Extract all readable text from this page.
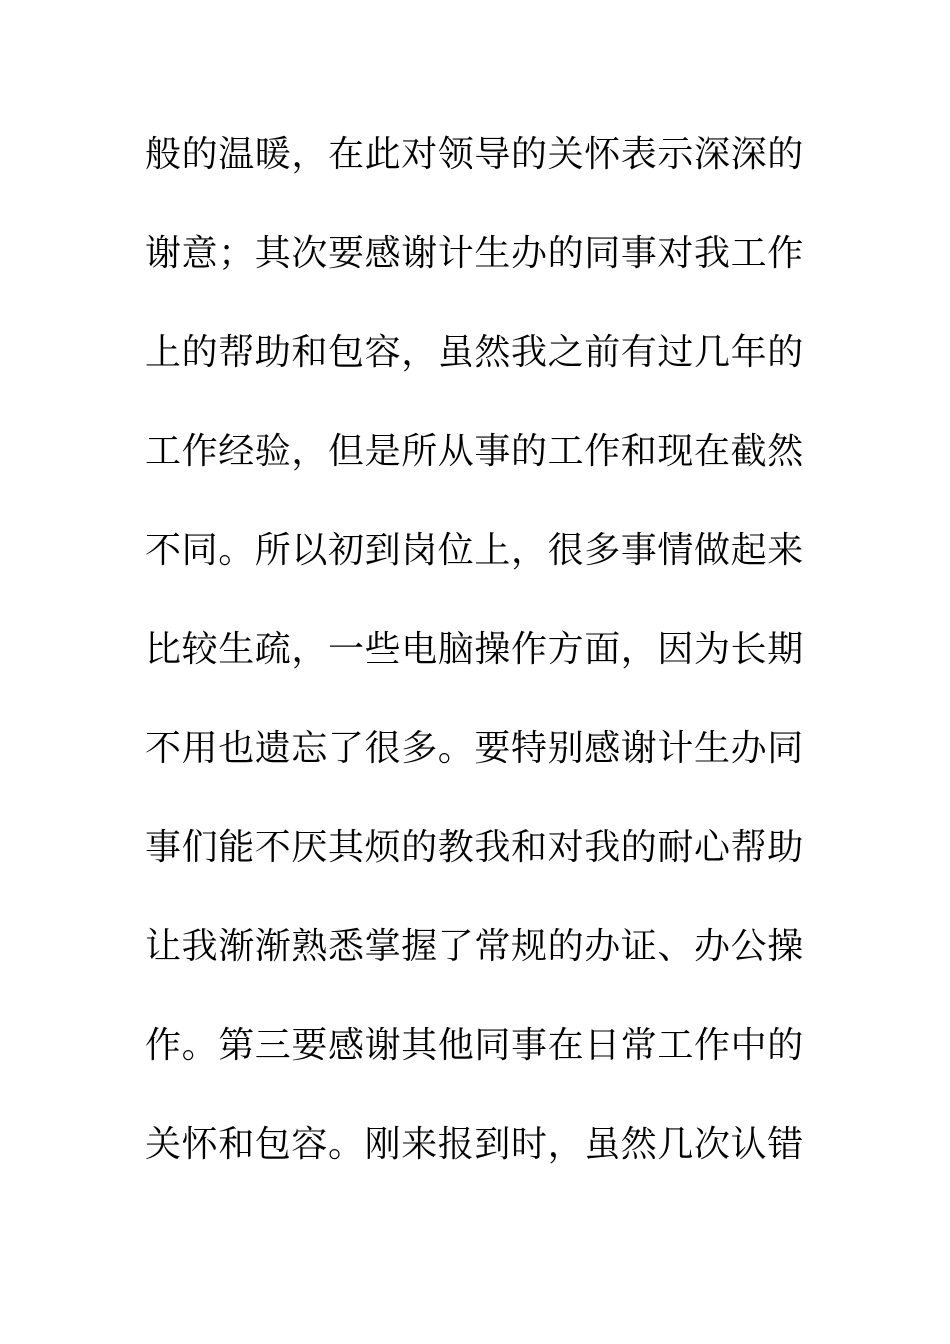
般的温暖，在此对领导的关怀表示深深的
谢意；其次要感谢计生办的同事对我工作
上的帮助和包容，虽然我之前有过几年的
工作经验，但是所从事的工作和现在截然
不同。所以初到岗位上，很多事情做起来
比较生疏，一些电脑操作方面，因为长期
不用也遗忘了很多。要特别感谢计生办同
事们能不厌其烦的教我和对我的耐心帮助
让我渐渐熟悉掌握了常规的办证、办公操
作。第三要感谢其他同事在日常工作中的
关怀和包容。刚来报到时，虽然几次认错
